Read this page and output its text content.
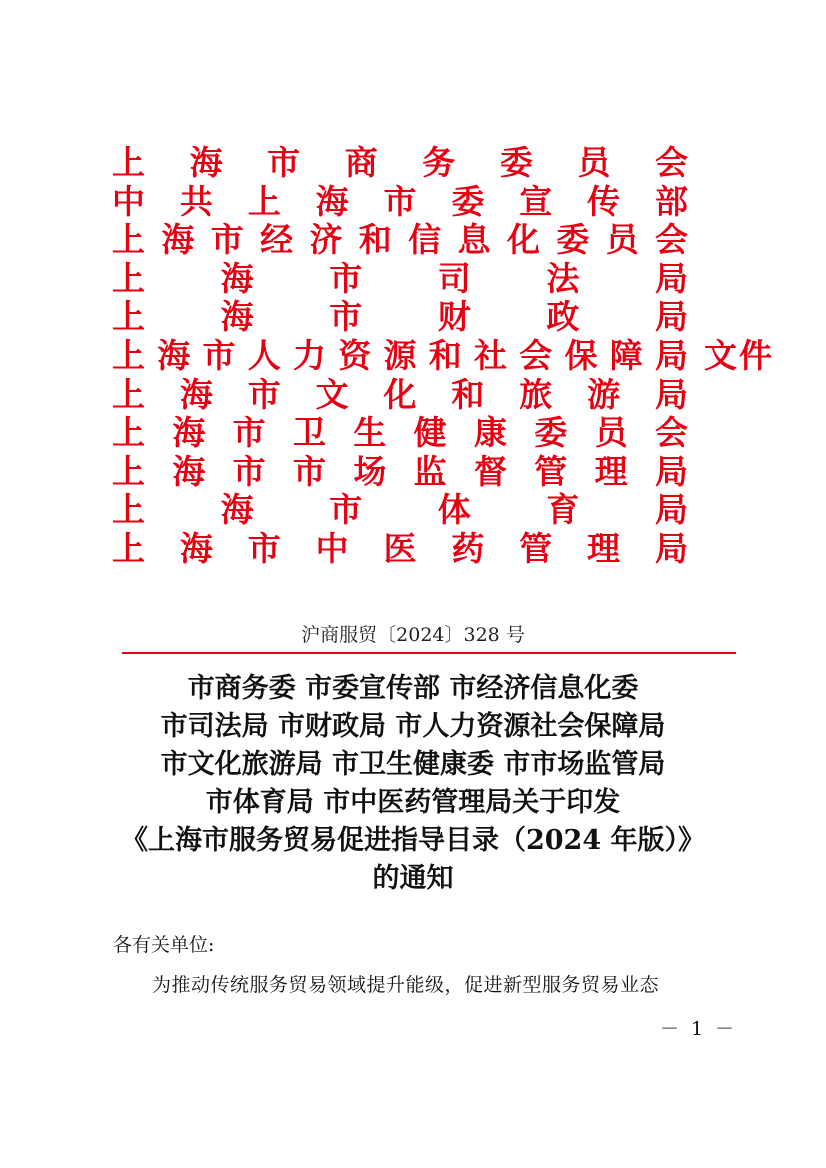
上 海 市 商 务 委 员 会
中 共 上 海 市 委 宣 传 部
上 海 市 经 济 和 信 息 化 委 员 会
上 海 市 司 法 局
上 海 市 财 政 局
上 海 市 人 力 资 源 和 社 会 保 障 局 文件
上 海 市 文 化 和 旅 游 局
上 海 市 卫 生 健 康 委 员 会
上 海 市 市 场 监 督 管 理 局
上 海 市 体 育 局
上 海 市 中 医 药 管 理 局
沪商服贸〔2024〕328 号
市商务委 市委宣传部 市经济信息化委
市司法局 市财政局 市人力资源社会保障局
市文化旅游局 市卫生健康委 市市场监管局
市体育局 市中医药管理局关于印发
《上海市服务贸易促进指导目录（2024 年版）》
的通知
各有关单位:
为推动传统服务贸易领域提升能级，促进新型服务贸易业态
－ 1 －
